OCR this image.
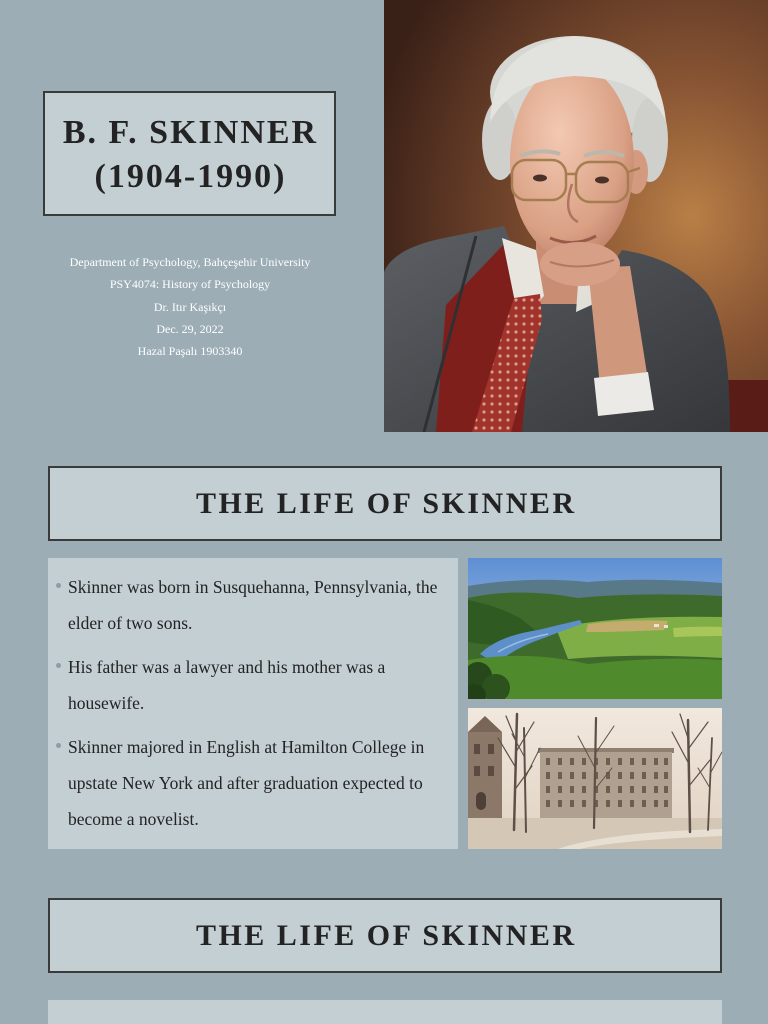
B. F. SKINNER
(1904-1990)
Department of Psychology, Bahçeşehir University
PSY4074: History of Psychology
Dr. Itır Kaşıkçı
Dec. 29, 2022
Hazal Paşalı 1903340
THE LIFE OF SKINNER
Skinner was born in Susquehanna, Pennsylvania, the elder of two sons.
His father was a lawyer and his mother was a housewife.
Skinner majored in English at Hamilton College in upstate New York and after graduation expected to become a novelist.
THE LIFE OF SKINNER
